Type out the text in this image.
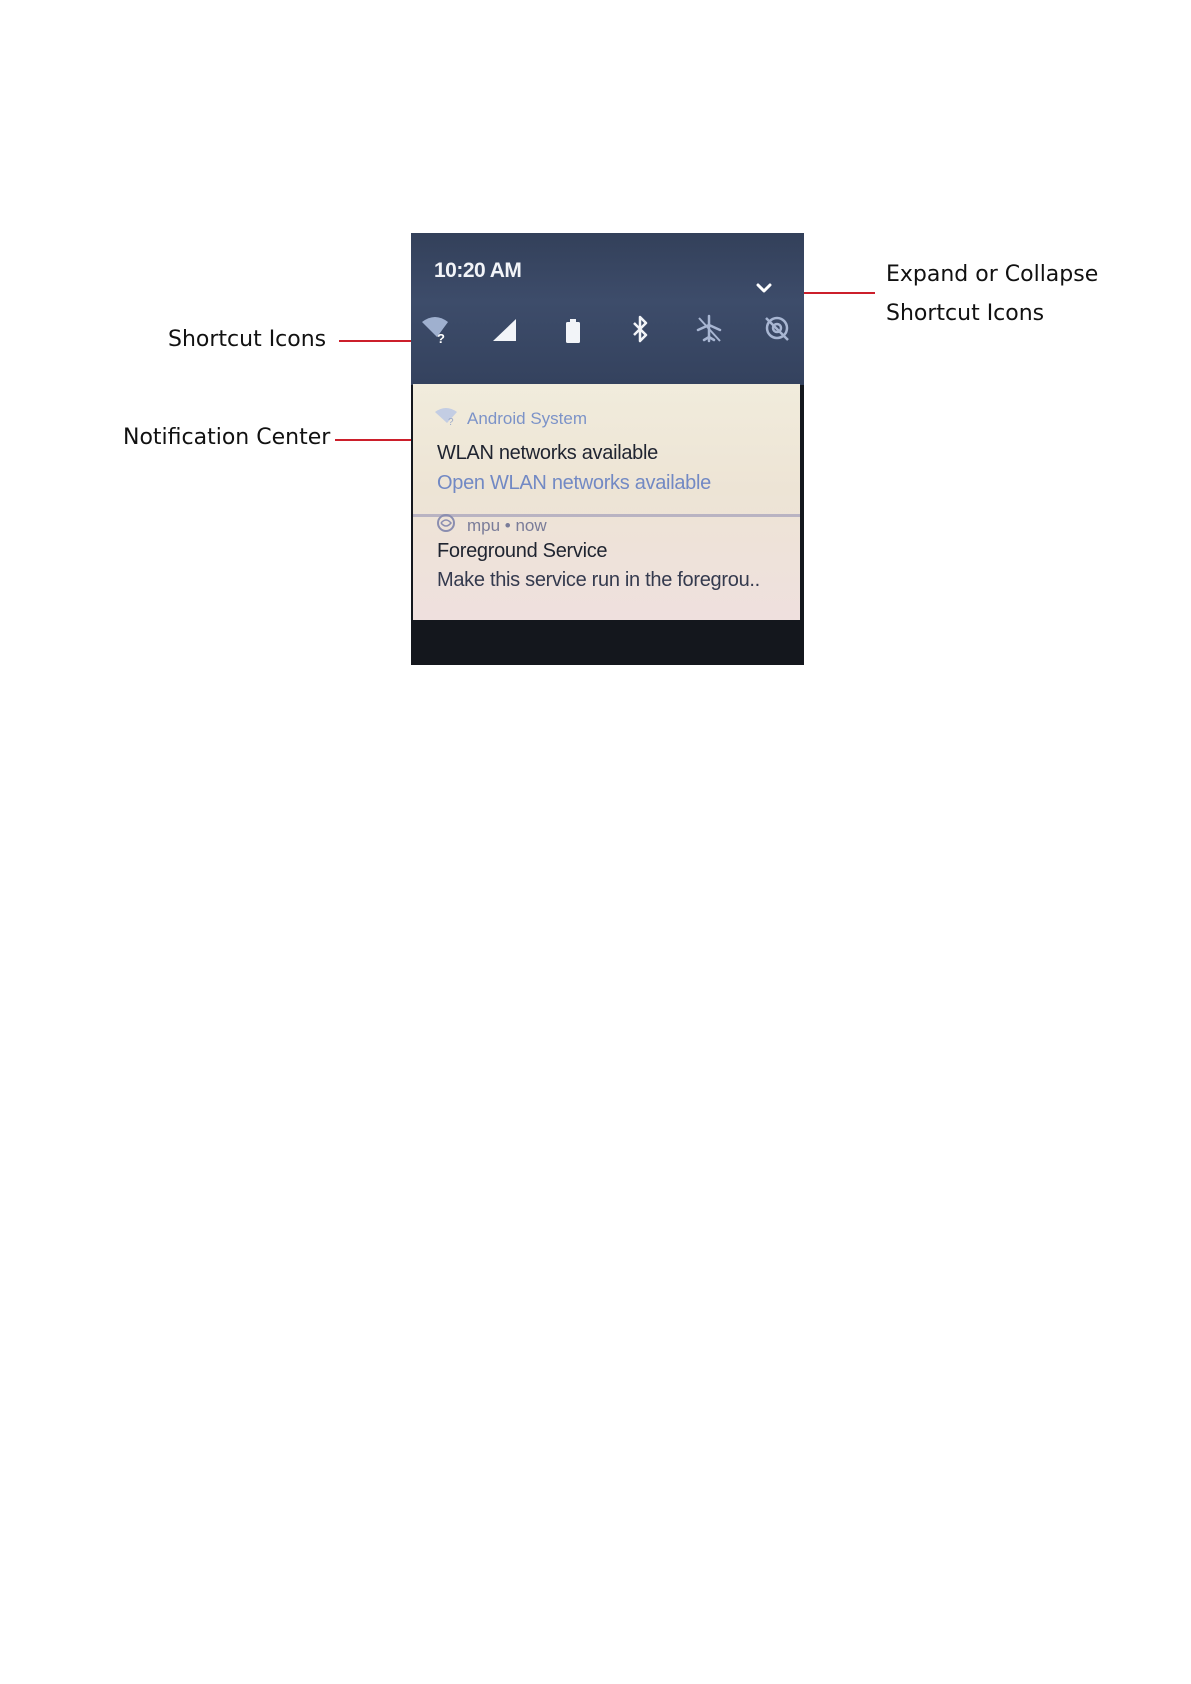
Shortcut Icons
Notification Center
Expand or Collapse
Shortcut Icons
10:20 AM
?
? Android System
WLAN networks available
Open WLAN networks available
mpu • now
Foreground Service
Make this service run in the foregrou..
